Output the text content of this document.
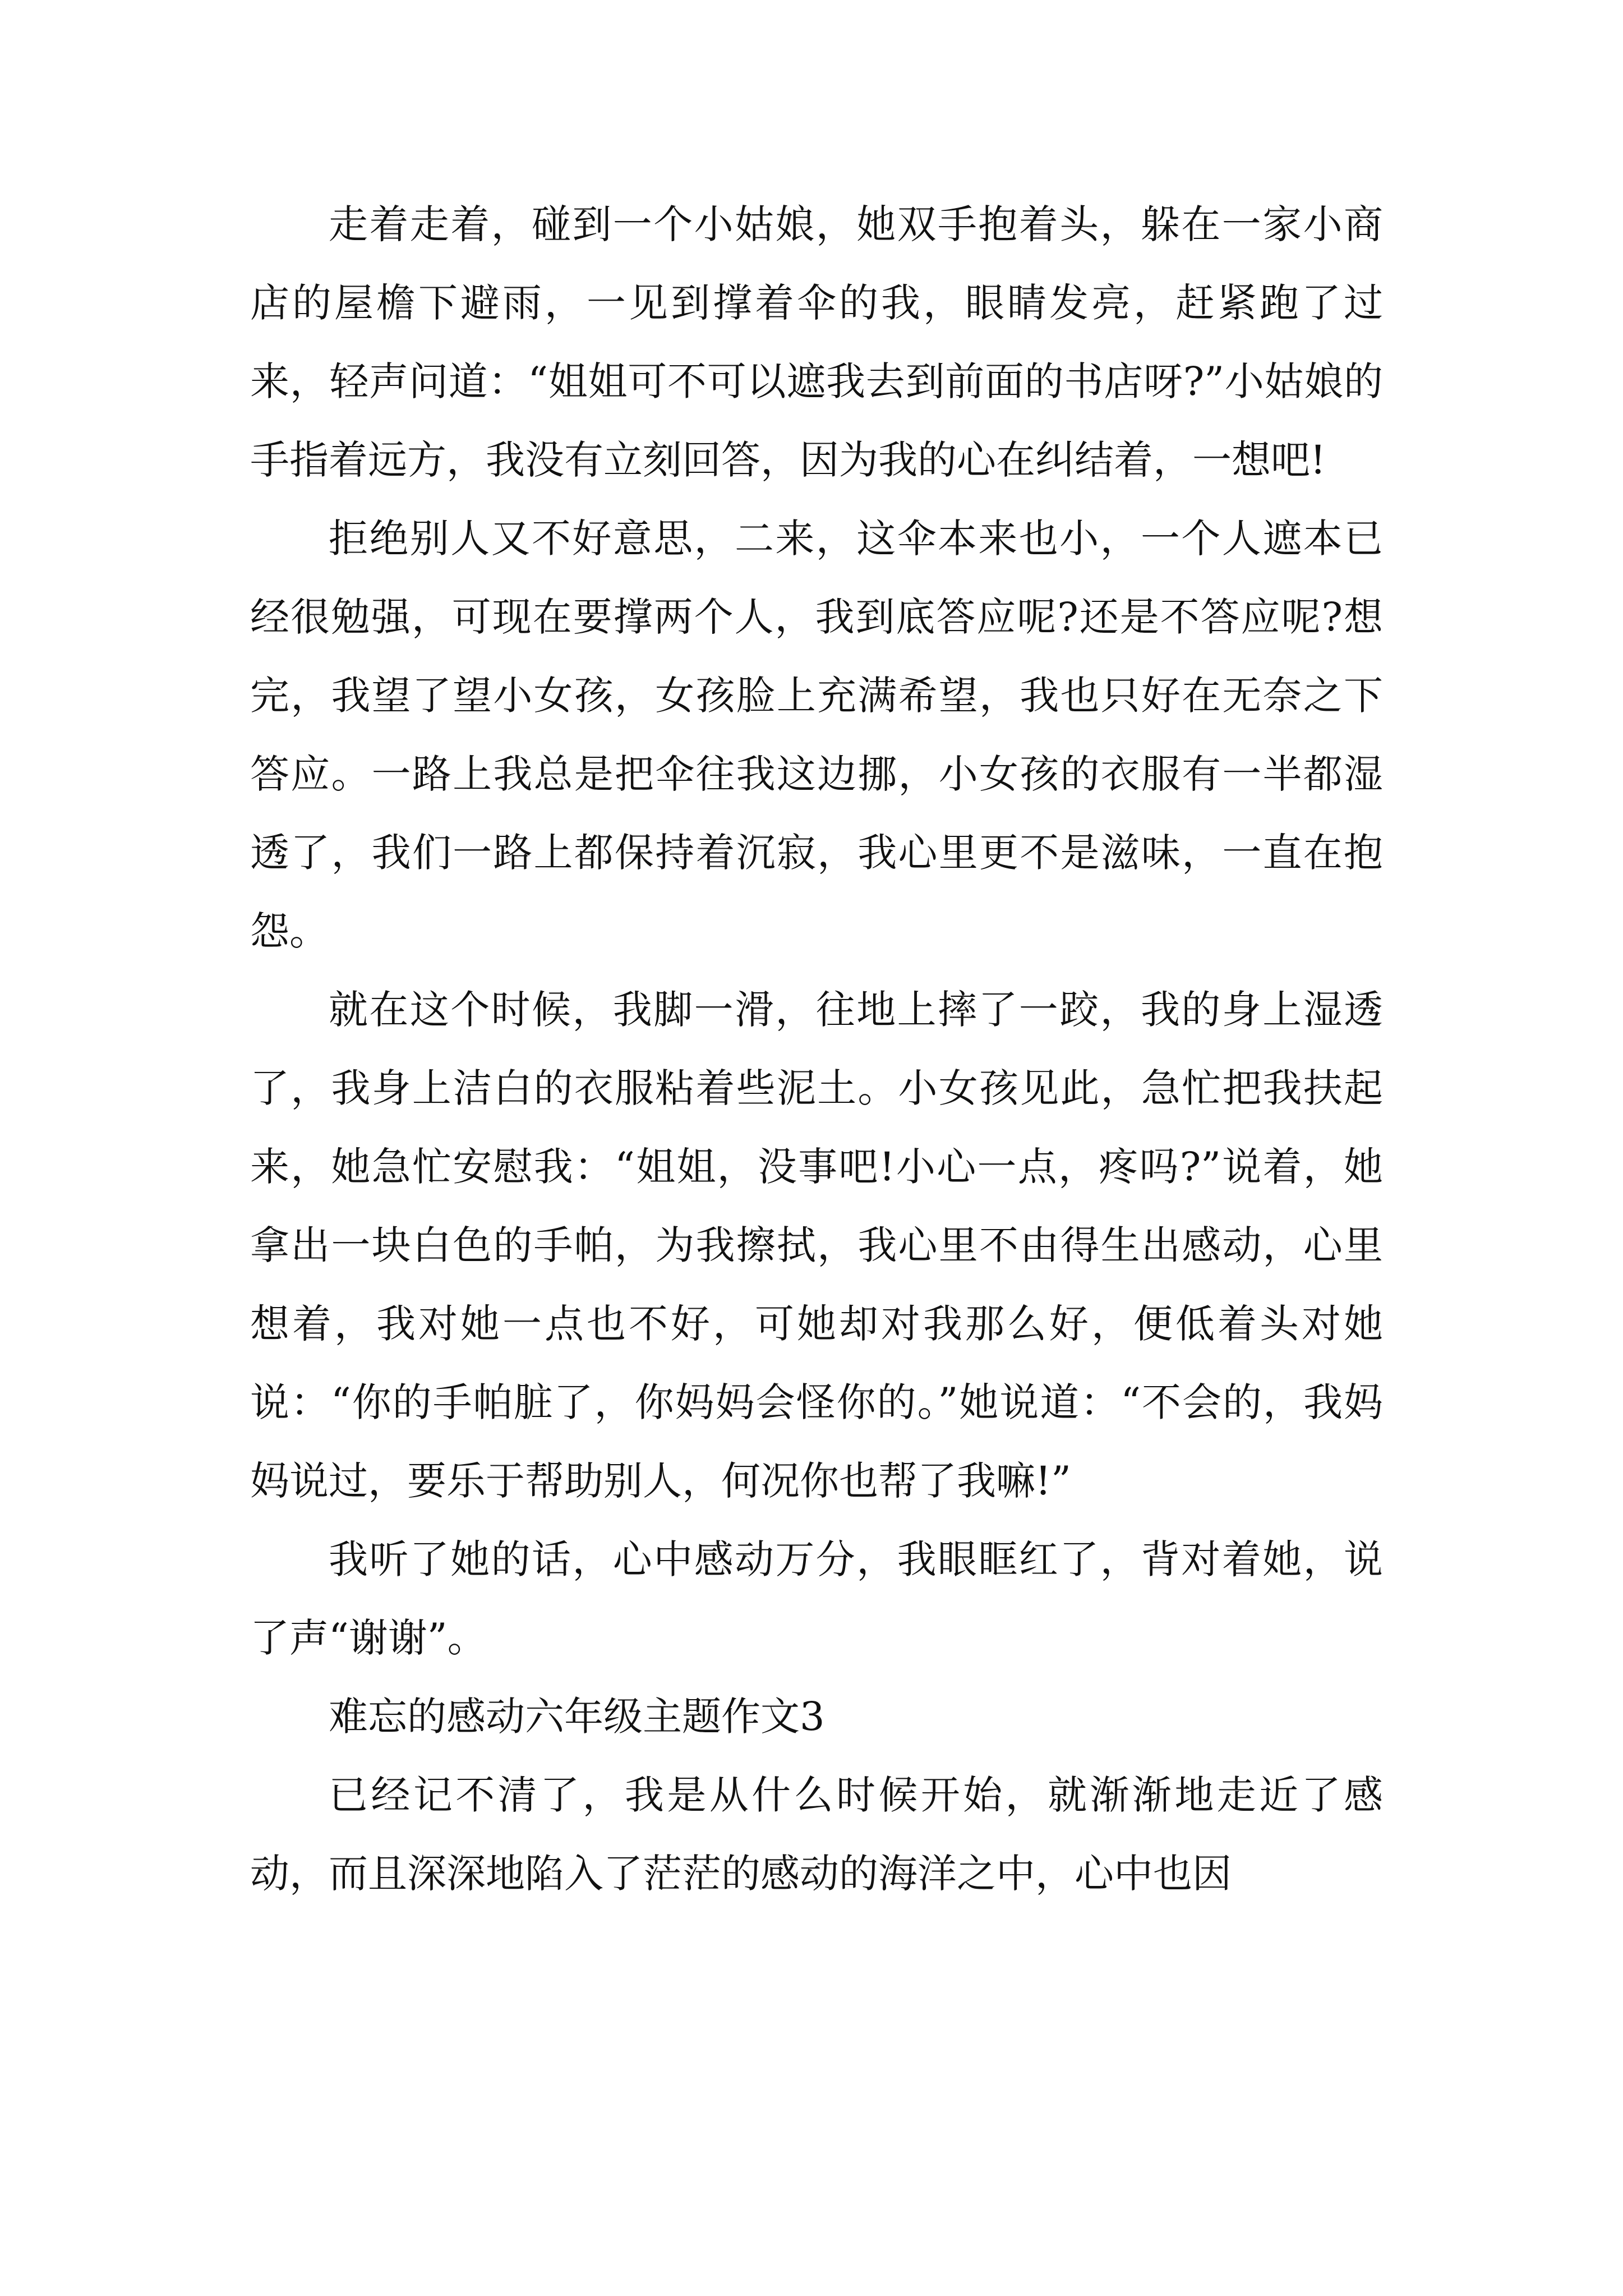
走着走着，碰到一个小姑娘，她双手抱着头，躲在一家小商店的屋檐下避雨，一见到撑着伞的我，眼睛发亮，赶紧跑了过来，轻声问道：“姐姐可不可以遮我去到前面的书店呀?”小姑娘的手指着远方，我没有立刻回答，因为我的心在纠结着，一想吧!

拒绝别人又不好意思，二来，这伞本来也小，一个人遮本已经很勉强，可现在要撑两个人，我到底答应呢?还是不答应呢?想完，我望了望小女孩，女孩脸上充满希望，我也只好在无奈之下答应。一路上我总是把伞往我这边挪，小女孩的衣服有一半都湿透了，我们一路上都保持着沉寂，我心里更不是滋味，一直在抱怨。

就在这个时候，我脚一滑，往地上摔了一跤，我的身上湿透了，我身上洁白的衣服粘着些泥土。小女孩见此，急忙把我扶起来，她急忙安慰我：“姐姐，没事吧!小心一点，疼吗?”说着，她拿出一块白色的手帕，为我擦拭，我心里不由得生出感动，心里想着，我对她一点也不好，可她却对我那么好，便低着头对她说：“你的手帕脏了，你妈妈会怪你的。”她说道：“不会的，我妈妈说过，要乐于帮助别人，何况你也帮了我嘛!”

我听了她的话，心中感动万分，我眼眶红了，背对着她，说了声“谢谢”。

难忘的感动六年级主题作文3

已经记不清了，我是从什么时候开始，就渐渐地走近了感动，而且深深地陷入了茫茫的感动的海洋之中，心中也因
